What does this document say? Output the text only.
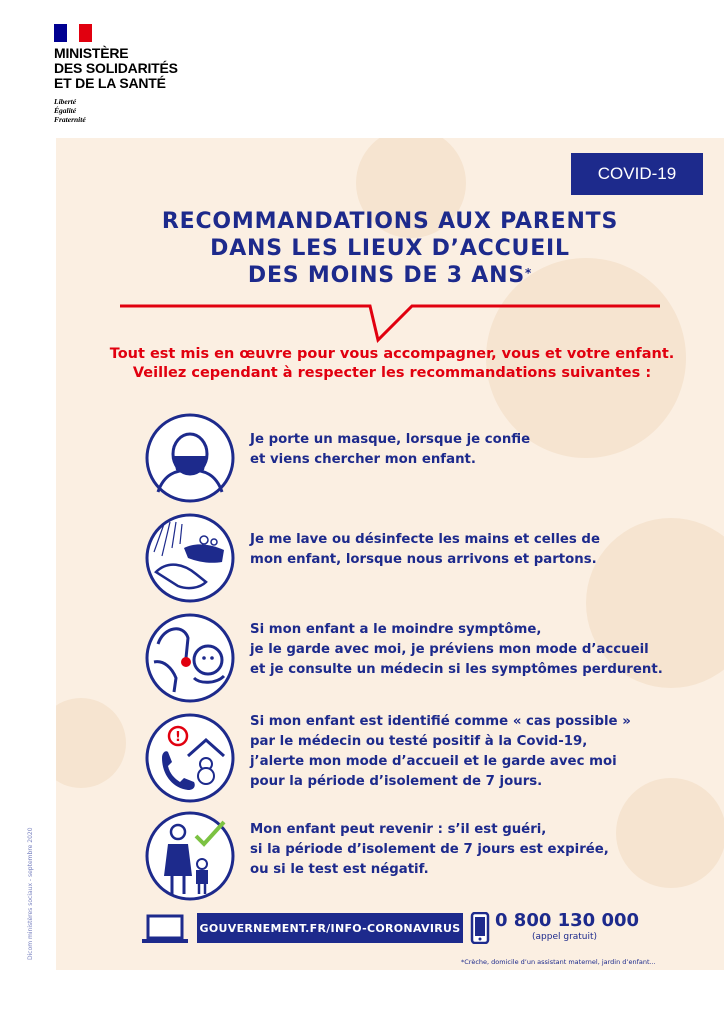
MINISTÈRE
DES SOLIDARITÉS
ET DE LA SANTÉ
Liberté
Égalité
Fraternité
COVID-19
RECOMMANDATIONS AUX PARENTS
DANS LES LIEUX D’ACCUEIL
DES MOINS DE 3 ANS*
Tout est mis en œuvre pour vous accompagner, vous et votre enfant.
Veillez cependant à respecter les recommandations suivantes :
Je porte un masque, lorsque je confie
et viens chercher mon enfant.
Je me lave ou désinfecte les mains et celles de
mon enfant, lorsque nous arrivons et partons.
Si mon enfant a le moindre symptôme,
je le garde avec moi, je préviens mon mode d’accueil
et je consulte un médecin si les symptômes perdurent.
!
Si mon enfant est identifié comme « cas possible »
par le médecin ou testé positif à la Covid-19,
j’alerte mon mode d’accueil et le garde avec moi
pour la période d’isolement de 7 jours.
Mon enfant peut revenir : s’il est guéri,
si la période d’isolement de 7 jours est expirée,
ou si le test est négatif.
GOUVERNEMENT.FR/INFO-CORONAVIRUS 0 800 130 000
(appel gratuit)
*Crèche, domicile d’un assistant maternel, jardin d’enfant...
Dicom ministères sociaux - septembre 2020
